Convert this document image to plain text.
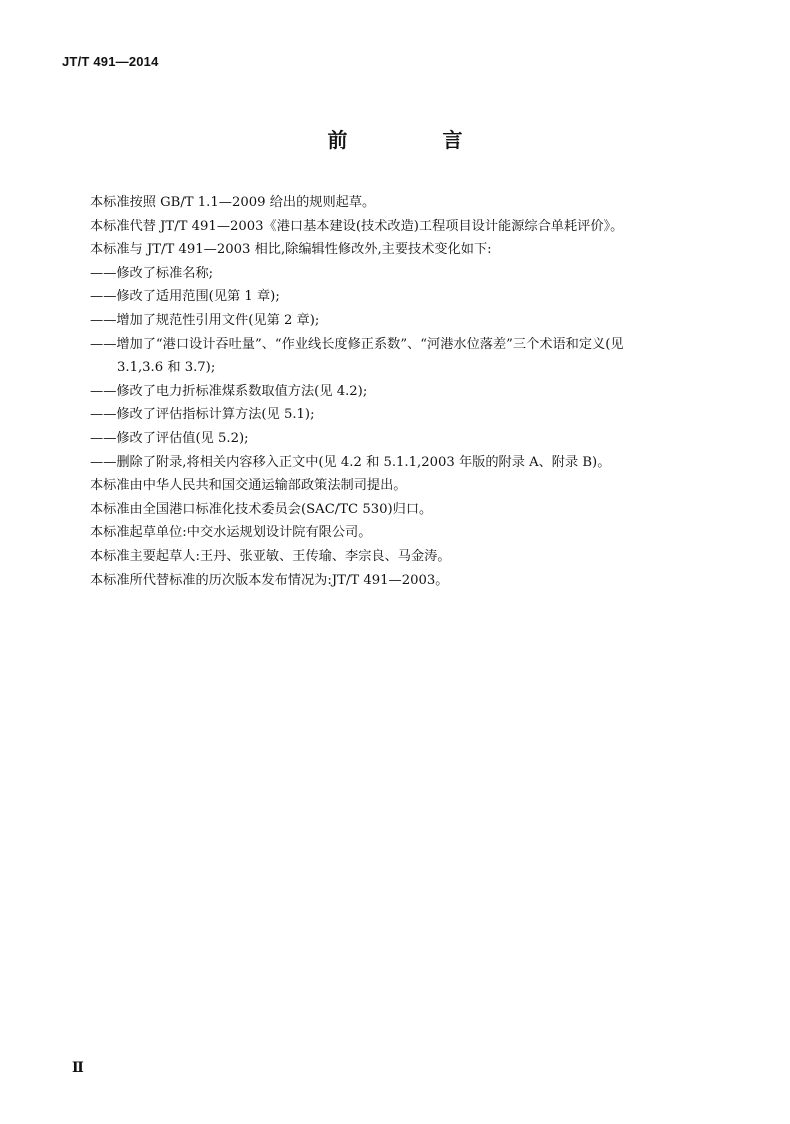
JT/T 491—2014
前 言

本标准按照 GB/T 1.1—2009 给出的规则起草。

本标准代替 JT/T 491—2003《港口基本建设(技术改造)工程项目设计能源综合单耗评价》。

本标准与 JT/T 491—2003 相比,除编辑性修改外,主要技术变化如下:

——修改了标准名称;

——修改了适用范围(见第 1 章);

——增加了规范性引用文件(见第 2 章);

——增加了“港口设计吞吐量”、“作业线长度修正系数”、“河港水位落差”三个术语和定义(见

3.1,3.6 和 3.7);

——修改了电力折标准煤系数取值方法(见 4.2);

——修改了评估指标计算方法(见 5.1);

——修改了评估值(见 5.2);

——删除了附录,将相关内容移入正文中(见 4.2 和 5.1.1,2003 年版的附录 A、附录 B)。

本标准由中华人民共和国交通运输部政策法制司提出。

本标准由全国港口标准化技术委员会(SAC/TC 530)归口。

本标准起草单位:中交水运规划设计院有限公司。

本标准主要起草人:王丹、张亚敏、王传瑜、李宗良、马金涛。

本标准所代替标准的历次版本发布情况为:JT/T 491—2003。

Ⅱ
